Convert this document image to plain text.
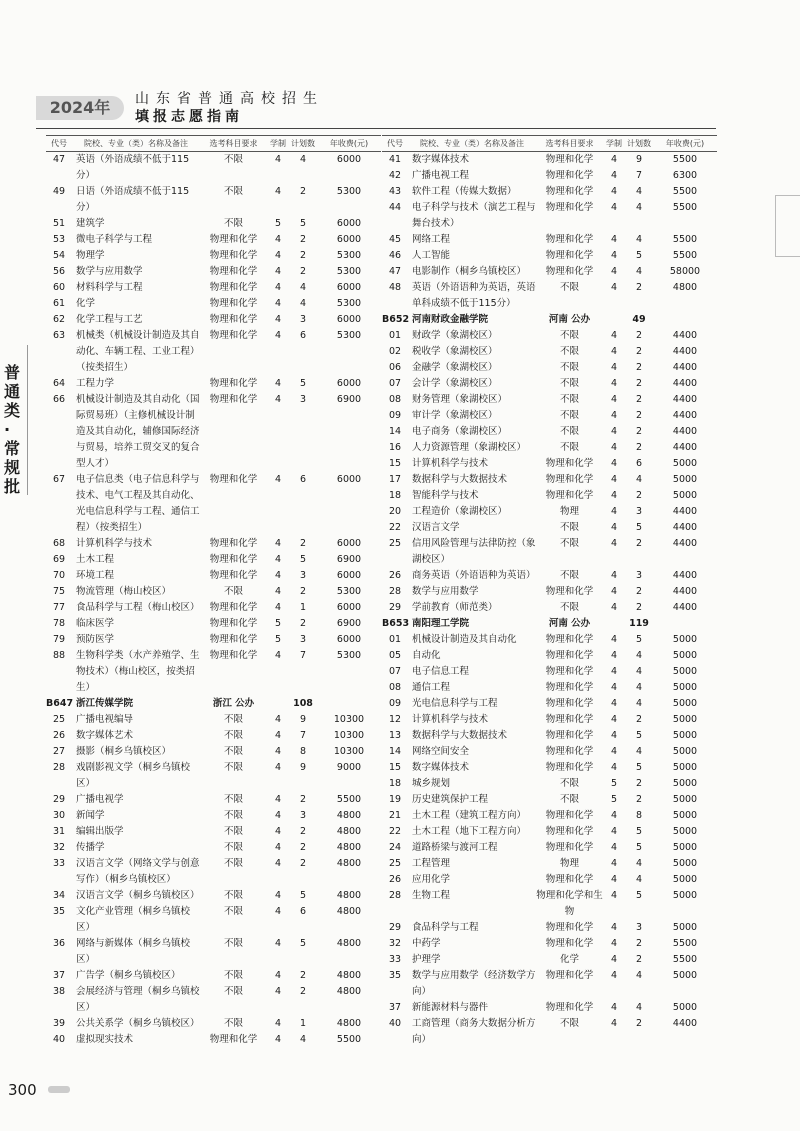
2024年	山东省普通高校招生
填报志愿指南
普通类·常规批
代号	院校、专业（类）名称及备注	选考科目要求	学制	计划数	年收费(元)
47	英语（外语成绩不低于115分）	不限	4	4	6000
49	日语（外语成绩不低于115分）	不限	4	2	5300
51	建筑学	不限	5	5	6000
53	微电子科学与工程	物理和化学	4	2	6000
54	物理学	物理和化学	4	2	5300
56	数学与应用数学	物理和化学	4	2	5300
60	材料科学与工程	物理和化学	4	4	6000
61	化学	物理和化学	4	4	5300
62	化学工程与工艺	物理和化学	4	3	6000
63	机械类（机械设计制造及其自动化、车辆工程、工业工程）（按类招生）	物理和化学	4	6	5300
64	工程力学	物理和化学	4	5	6000
66	机械设计制造及其自动化（国际贸易班）（主修机械设计制造及其自动化，辅修国际经济与贸易，培养工贸交叉的复合型人才）	物理和化学	4	3	6900
67	电子信息类（电子信息科学与技术、电气工程及其自动化、光电信息科学与工程、通信工程）（按类招生）	物理和化学	4	6	6000
68	计算机科学与技术	物理和化学	4	2	6000
69	土木工程	物理和化学	4	5	6900
70	环境工程	物理和化学	4	3	6000
75	物流管理（梅山校区）	不限	4	2	5300
77	食品科学与工程（梅山校区）	物理和化学	4	1	6000
78	临床医学	物理和化学	5	2	6900
79	预防医学	物理和化学	5	3	6000
88	生物科学类（水产养殖学、生物技术）（梅山校区，按类招生）	物理和化学	4	7	5300
B647	浙江传媒学院	浙江 公办		108	
25	广播电视编导	不限	4	9	10300
26	数字媒体艺术	不限	4	7	10300
27	摄影（桐乡乌镇校区）	不限	4	8	10300
28	戏剧影视文学（桐乡乌镇校区）	不限	4	9	9000
29	广播电视学	不限	4	2	5500
30	新闻学	不限	4	3	4800
31	编辑出版学	不限	4	2	4800
32	传播学	不限	4	2	4800
33	汉语言文学（网络文学与创意写作）（桐乡乌镇校区）	不限	4	2	4800
34	汉语言文学（桐乡乌镇校区）	不限	4	5	4800
35	文化产业管理（桐乡乌镇校区）	不限	4	6	4800
36	网络与新媒体（桐乡乌镇校区）	不限	4	5	4800
37	广告学（桐乡乌镇校区）	不限	4	2	4800
38	会展经济与管理（桐乡乌镇校区）	不限	4	2	4800
39	公共关系学（桐乡乌镇校区）	不限	4	1	4800
40	虚拟现实技术	物理和化学	4	4	5500
代号	院校、专业（类）名称及备注	选考科目要求	学制	计划数	年收费(元)
41	数字媒体技术	物理和化学	4	9	5500
42	广播电视工程	物理和化学	4	7	6300
43	软件工程（传媒大数据）	物理和化学	4	4	5500
44	电子科学与技术（演艺工程与舞台技术）	物理和化学	4	4	5500
45	网络工程	物理和化学	4	4	5500
46	人工智能	物理和化学	4	5	5500
47	电影制作（桐乡乌镇校区）	物理和化学	4	4	58000
48	英语（外语语种为英语，英语单科成绩不低于115分）	不限	4	2	4800
B652	河南财政金融学院	河南 公办		49	
01	财政学（象湖校区）	不限	4	2	4400
02	税收学（象湖校区）	不限	4	2	4400
06	金融学（象湖校区）	不限	4	2	4400
07	会计学（象湖校区）	不限	4	2	4400
08	财务管理（象湖校区）	不限	4	2	4400
09	审计学（象湖校区）	不限	4	2	4400
14	电子商务（象湖校区）	不限	4	2	4400
16	人力资源管理（象湖校区）	不限	4	2	4400
15	计算机科学与技术	物理和化学	4	6	5000
17	数据科学与大数据技术	物理和化学	4	4	5000
18	智能科学与技术	物理和化学	4	2	5000
20	工程造价（象湖校区）	物理	4	3	4400
22	汉语言文学	不限	4	5	4400
25	信用风险管理与法律防控（象湖校区）	不限	4	2	4400
26	商务英语（外语语种为英语）	不限	4	3	4400
28	数学与应用数学	物理和化学	4	2	4400
29	学前教育（师范类）	不限	4	2	4400
B653	南阳理工学院	河南 公办		119	
01	机械设计制造及其自动化	物理和化学	4	5	5000
05	自动化	物理和化学	4	4	5000
07	电子信息工程	物理和化学	4	4	5000
08	通信工程	物理和化学	4	4	5000
09	光电信息科学与工程	物理和化学	4	4	5000
12	计算机科学与技术	物理和化学	4	2	5000
13	数据科学与大数据技术	物理和化学	4	5	5000
14	网络空间安全	物理和化学	4	4	5000
15	数字媒体技术	物理和化学	4	5	5000
18	城乡规划	不限	5	2	5000
19	历史建筑保护工程	不限	5	2	5000
21	土木工程（建筑工程方向）	物理和化学	4	8	5000
22	土木工程（地下工程方向）	物理和化学	4	5	5000
24	道路桥梁与渡河工程	物理和化学	4	5	5000
25	工程管理	物理	4	4	5000
26	应用化学	物理和化学	4	4	5000
28	生物工程	物理和化学和生物	4	5	5000
29	食品科学与工程	物理和化学	4	3	5000
32	中药学	物理和化学	4	2	5500
33	护理学	化学	4	2	5500
35	数学与应用数学（经济数学方向）	物理和化学	4	4	5000
37	新能源材料与器件	物理和化学	4	4	5000
40	工商管理（商务大数据分析方向）	不限	4	2	4400
300
